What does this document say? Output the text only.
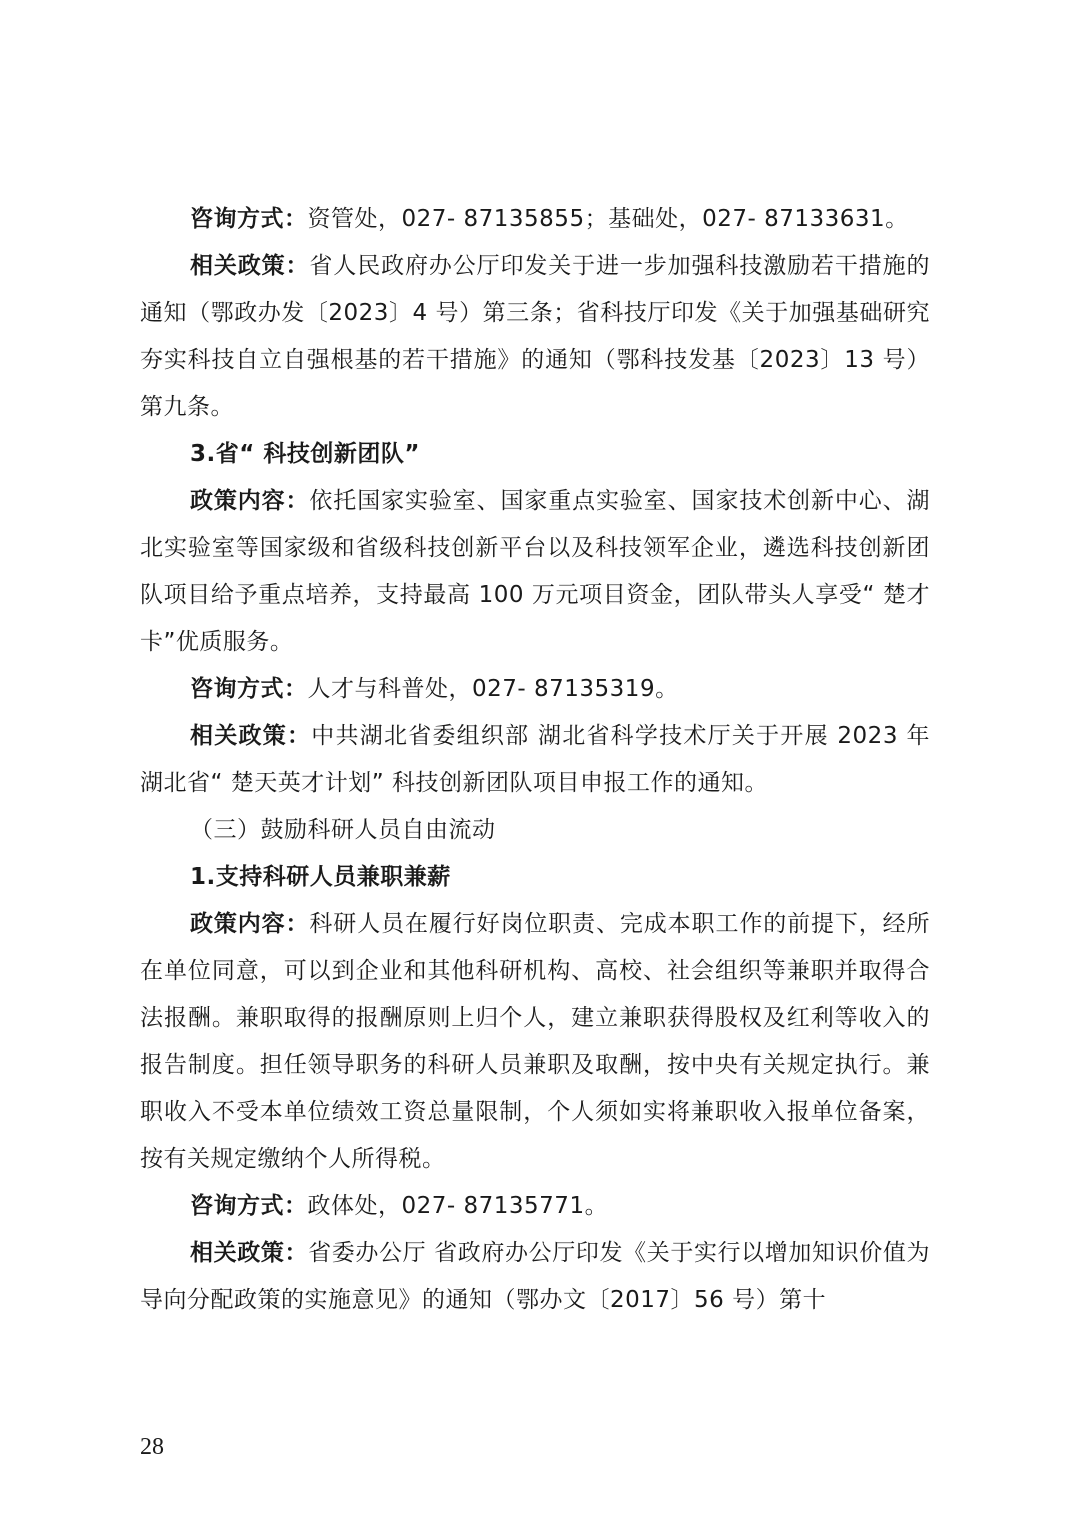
咨询方式：资管处，027- 87135855；基础处，027- 87133631。

相关政策：省人民政府办公厅印发关于进一步加强科技激励若干措施的通知（鄂政办发〔2023〕4 号）第三条；省科技厅印发《关于加强基础研究夯实科技自立自强根基的若干措施》的通知（鄂科技发基〔2023〕13 号）第九条。

3.省“ 科技创新团队”

政策内容：依托国家实验室、国家重点实验室、国家技术创新中心、湖北实验室等国家级和省级科技创新平台以及科技领军企业，遴选科技创新团队项目给予重点培养，支持最高 100 万元项目资金，团队带头人享受“ 楚才卡”优质服务。

咨询方式：人才与科普处，027- 87135319。

相关政策：中共湖北省委组织部 湖北省科学技术厅关于开展 2023 年湖北省“ 楚天英才计划” 科技创新团队项目申报工作的通知。

（三）鼓励科研人员自由流动

1.支持科研人员兼职兼薪

政策内容：科研人员在履行好岗位职责、完成本职工作的前提下，经所在单位同意，可以到企业和其他科研机构、高校、社会组织等兼职并取得合法报酬。兼职取得的报酬原则上归个人，建立兼职获得股权及红利等收入的报告制度。担任领导职务的科研人员兼职及取酬，按中央有关规定执行。兼职收入不受本单位绩效工资总量限制，个人须如实将兼职收入报单位备案，按有关规定缴纳个人所得税。

咨询方式：政体处，027- 87135771。

相关政策：省委办公厅 省政府办公厅印发《关于实行以增加知识价值为导向分配政策的实施意见》的通知（鄂办文〔2017〕56 号）第十

28
